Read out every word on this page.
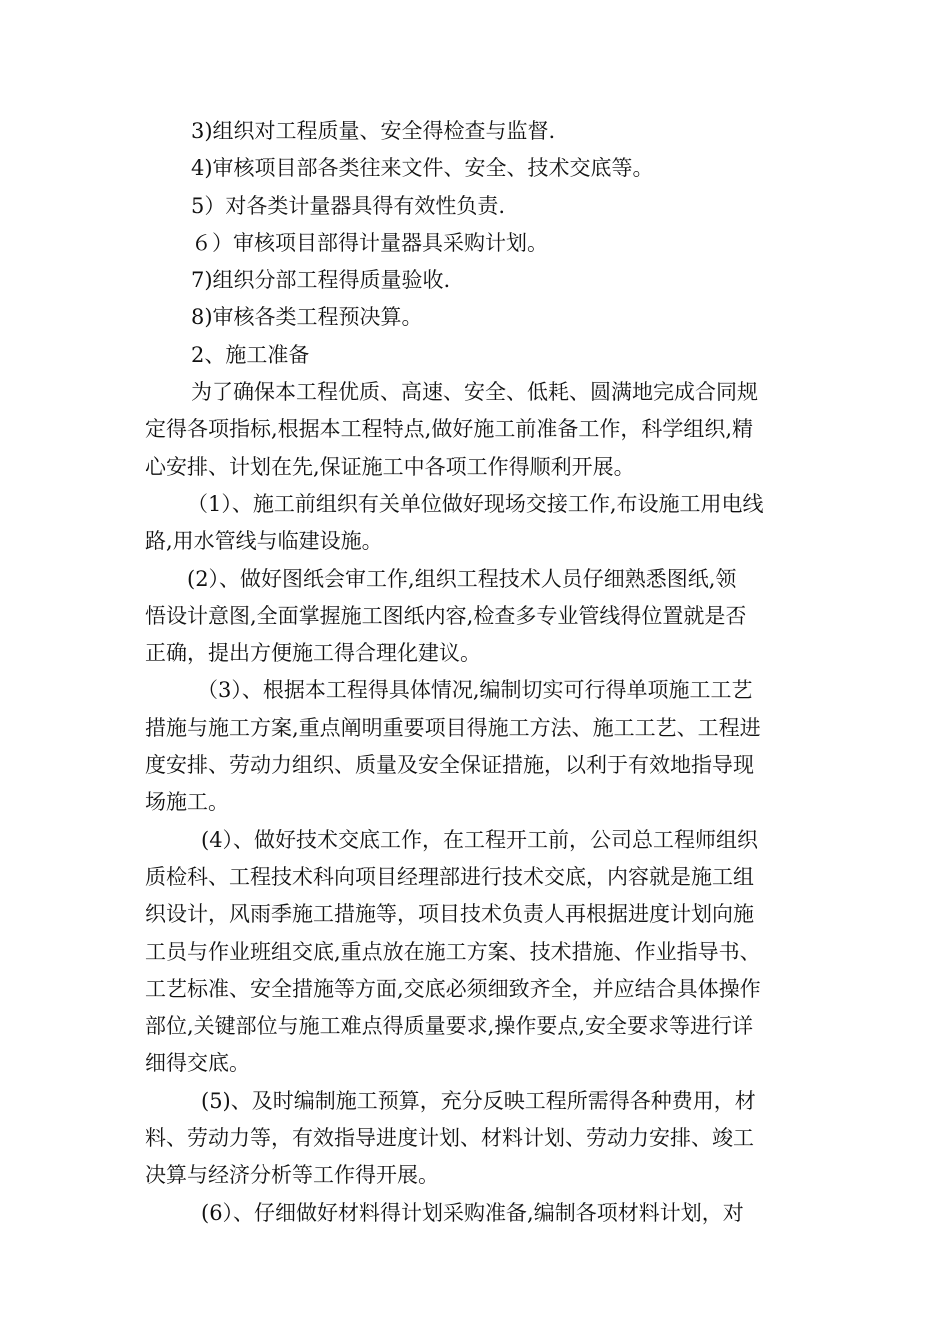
3)组织对工程质量、安全得检查与监督.
4)审核项目部各类往来文件、安全、技术交底等。
5）对各类计量器具得有效性负责.
６）审核项目部得计量器具采购计划。
7)组织分部工程得质量验收.
8)审核各类工程预决算。
2、施工准备
为了确保本工程优质、高速、安全、低耗、圆满地完成合同规
定得各项指标,根据本工程特点,做好施工前准备工作，科学组织,精
心安排、计划在先,保证施工中各项工作得顺利开展。
（1）、施工前组织有关单位做好现场交接工作,布设施工用电线
路,用水管线与临建设施。
(2）、做好图纸会审工作,组织工程技术人员仔细熟悉图纸,领
悟设计意图,全面掌握施工图纸内容,检查多专业管线得位置就是否
正确，提出方便施工得合理化建议。
（3）、根据本工程得具体情况,编制切实可行得单项施工工艺
措施与施工方案,重点阐明重要项目得施工方法、施工工艺、工程进
度安排、劳动力组织、质量及安全保证措施，以利于有效地指导现
场施工。
(4）、做好技术交底工作，在工程开工前，公司总工程师组织
质检科、工程技术科向项目经理部进行技术交底，内容就是施工组
织设计，风雨季施工措施等，项目技术负责人再根据进度计划向施
工员与作业班组交底,重点放在施工方案、技术措施、作业指导书、
工艺标准、安全措施等方面,交底必须细致齐全，并应结合具体操作
部位,关键部位与施工难点得质量要求,操作要点,安全要求等进行详
细得交底。
(5)、及时编制施工预算，充分反映工程所需得各种费用，材
料、劳动力等，有效指导进度计划、材料计划、劳动力安排、竣工
决算与经济分析等工作得开展。
(6）、仔细做好材料得计划采购准备,编制各项材料计划，对
